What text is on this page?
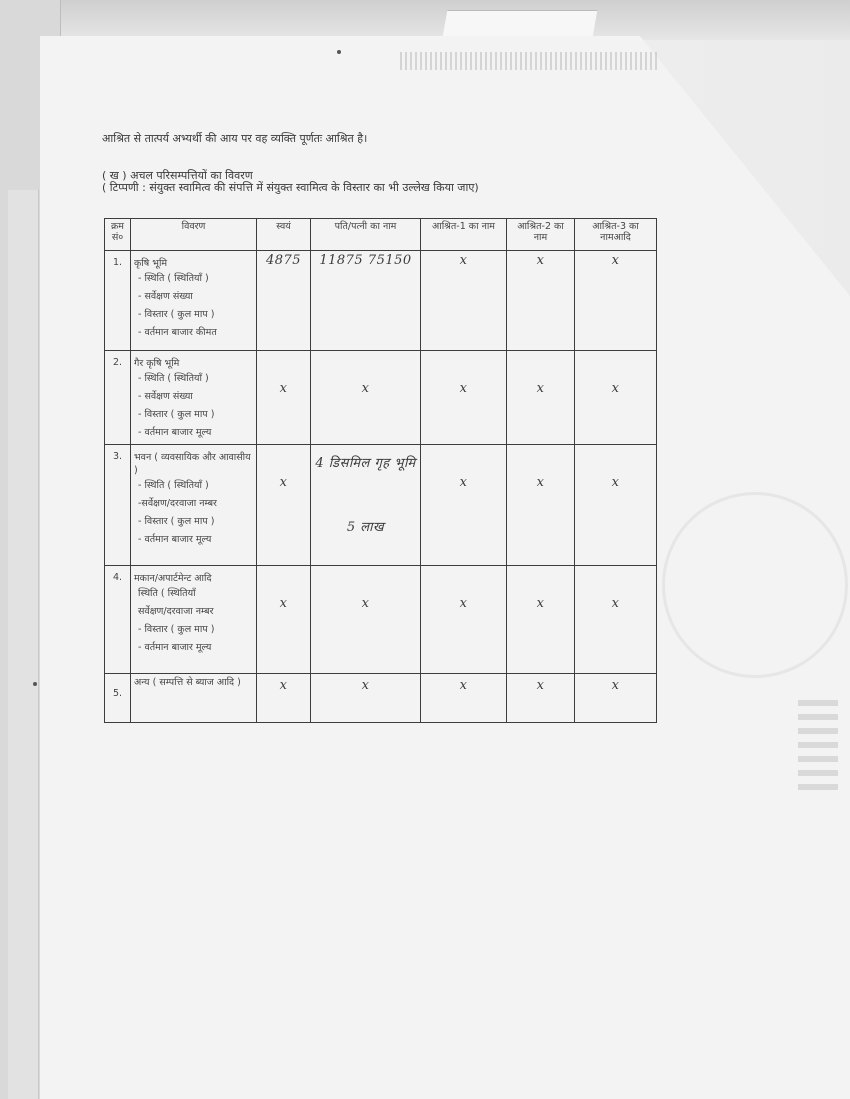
आश्रित से तात्पर्य अभ्यर्थी की आय पर वह व्यक्ति पूर्णतः आश्रित है।
( ख ) अचल परिसम्पत्तियों का विवरण
( टिप्पणी : संयुक्त स्वामित्व की संपत्ति में संयुक्त स्वामित्व के विस्तार का भी उल्लेख किया जाए)
क्रम सं०	विवरण	स्वयं	पति/पत्नी का नाम	आश्रित-1 का नाम	आश्रित-2 का नाम	आश्रित-3 का नामआदि
1.	कृषि भूमि
- स्थिति ( स्थितियाँ )
- सर्वेक्षण संख्या
- विस्तार ( कुल माप )
- वर्तमान बाजार कीमत	4875	11875 75150	x	x	x
2.	गैर कृषि भूमि
- स्थिति ( स्थितियाँ )
- सर्वेक्षण संख्या
- विस्तार ( कुल माप )
- वर्तमान बाजार मूल्य	x	x	x	x	x

3.	भवन ( व्यवसायिक और आवासीय )
- स्थिति ( स्थितियाँ )
-सर्वेक्षण/दरवाजा नम्बर
- विस्तार ( कुल माप )
- वर्तमान बाजार मूल्य	x	4 डिसमिल गृह भूमि
5 लाख	x	x	x

4.	मकान/अपार्टमेन्ट आदि
स्थिति ( स्थितियाँ
सर्वेक्षण/दरवाजा नम्बर
- विस्तार ( कुल माप )
- वर्तमान बाजार मूल्य	x	x	x	x	x

5.	अन्य ( सम्पत्ति से ब्याज आदि )	x	x	x	x	x
